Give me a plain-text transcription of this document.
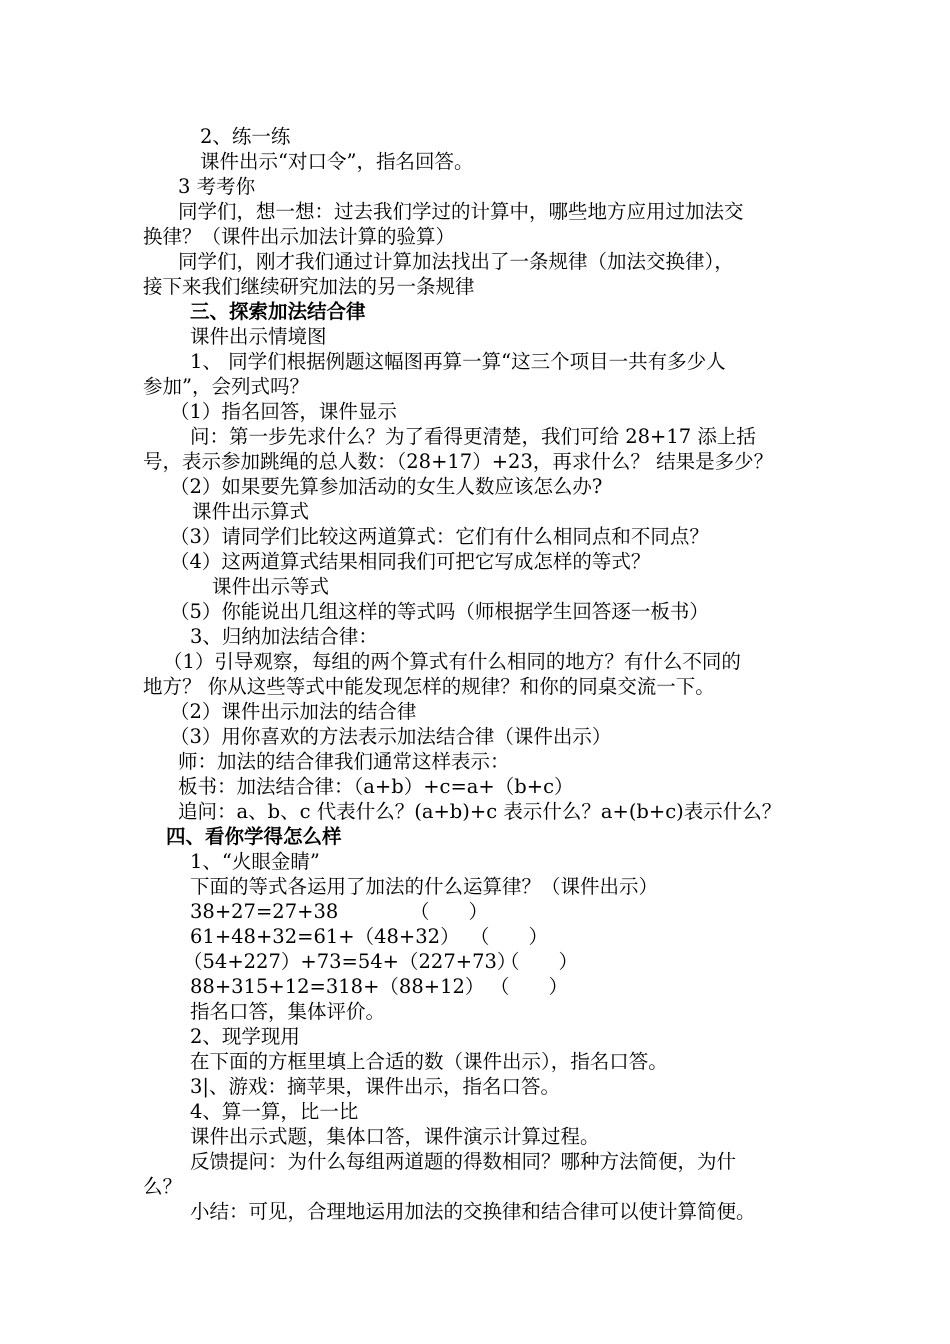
2、练一练
课件出示“对口令”，指名回答。
3 考考你
同学们，想一想：过去我们学过的计算中，哪些地方应用过加法交
换律？（课件出示加法计算的验算）
同学们，刚才我们通过计算加法找出了一条规律（加法交换律），
接下来我们继续研究加法的另一条规律
三、探索加法结合律
课件出示情境图
1、 同学们根据例题这幅图再算一算“这三个项目一共有多少人
参加”，会列式吗？
（1）指名回答，课件显示
问：第一步先求什么？为了看得更清楚，我们可给 28+17 添上括
号，表示参加跳绳的总人数：（28+17）+23，再求什么？ 结果是多少？
（2）如果要先算参加活动的女生人数应该怎么办?
课件出示算式
（3）请同学们比较这两道算式：它们有什么相同点和不同点？
（4）这两道算式结果相同我们可把它写成怎样的等式？
课件出示等式
（5）你能说出几组这样的等式吗（师根据学生回答逐一板书）
3、归纳加法结合律：
（1）引导观察，每组的两个算式有什么相同的地方？有什么不同的
地方？ 你从这些等式中能发现怎样的规律？和你的同桌交流一下。
（2）课件出示加法的结合律
（3）用你喜欢的方法表示加法结合律（课件出示）
师：加法的结合律我们通常这样表示：
板书：加法结合律：（a+b）+c=a+（b+c）
追问：a、b、c 代表什么？(a+b)+c 表示什么？a+(b+c)表示什么？
四、看你学得怎么样
1、“火眼金睛”
下面的等式各运用了加法的什么运算律？（课件出示）
38+27=27+38	（　　）
61+48+32=61+（48+32） （　　）
（54+227）+73=54+（227+73）
（　　）
88+315+12=318+（88+12） （　　）
指名口答，集体评价。
2、现学现用
在下面的方框里填上合适的数（课件出示），指名口答。
3|、游戏：摘苹果，课件出示，指名口答。
4、算一算，比一比
课件出示式题，集体口答，课件演示计算过程。
反馈提问：为什么每组两道题的得数相同？哪种方法简便，为什
么？
小结：可见，合理地运用加法的交换律和结合律可以使计算简便。
